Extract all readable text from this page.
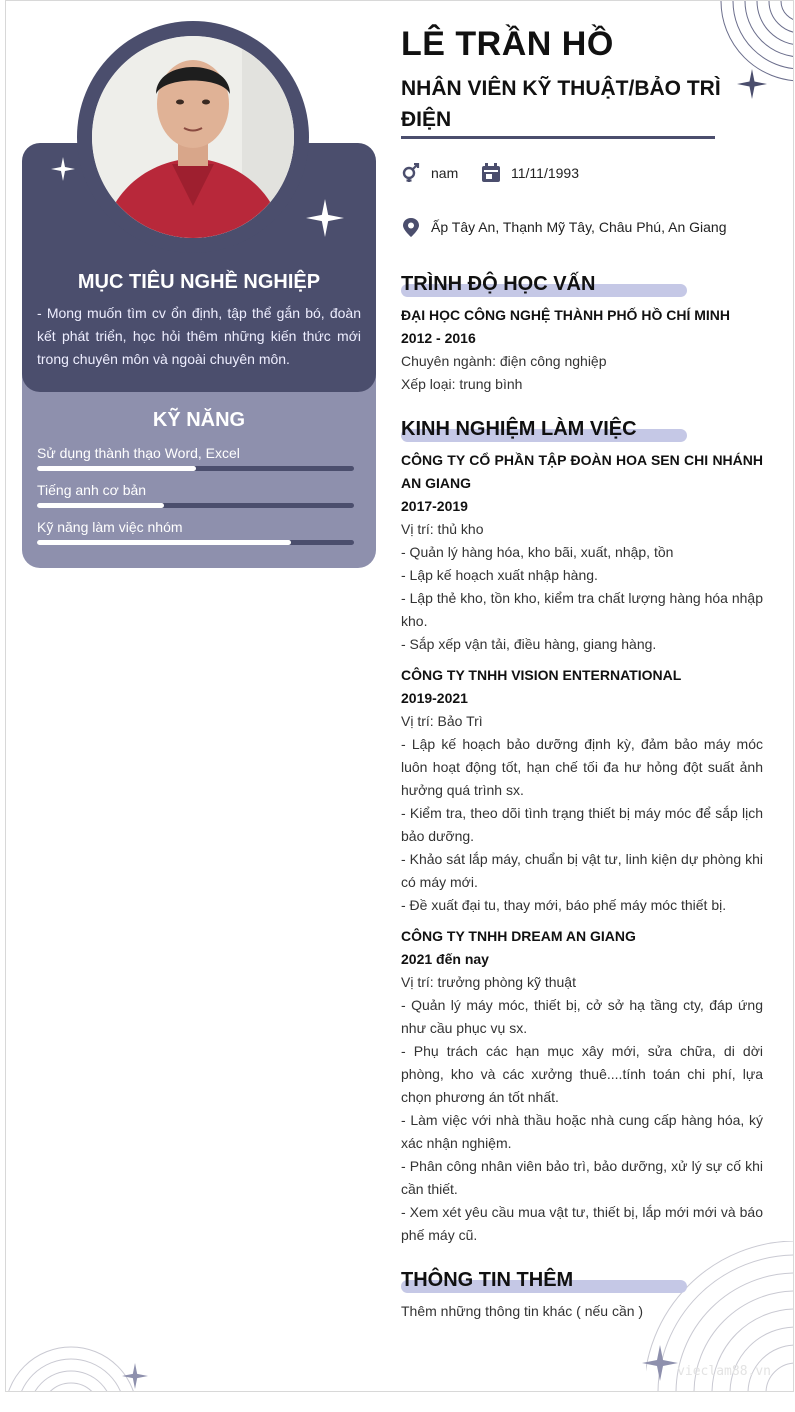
MỤC TIÊU NGHỀ NGHIỆP
- Mong muốn tìm cv ổn định, tập thể gắn bó, đoàn kết phát triển, học hỏi thêm những kiến thức mới trong chuyên môn và ngoài chuyên môn.
KỸ NĂNG
Sử dụng thành thạo Word, Excel
Tiếng anh cơ bản
Kỹ năng làm việc nhóm
LÊ TRẦN HỒ
NHÂN VIÊN KỸ THUẬT/BẢO TRÌ ĐIỆN
nam	11/11/1993
Ấp Tây An, Thạnh Mỹ Tây, Châu Phú, An Giang
TRÌNH ĐỘ HỌC VẤN
ĐẠI HỌC CÔNG NGHỆ THÀNH PHỐ HỒ CHÍ MINH
2012 - 2016
Chuyên ngành: điện công nghiệp
Xếp loại: trung bình
KINH NGHIỆM LÀM VIỆC
CÔNG TY CỔ PHẦN TẬP ĐOÀN HOA SEN CHI NHÁNH AN GIANG
2017-2019
Vị trí: thủ kho
- Quản lý hàng hóa, kho bãi, xuất, nhập, tồn
- Lập kế hoạch xuất nhập hàng.
- Lập thẻ kho, tồn kho, kiểm tra chất lượng hàng hóa nhập kho.
- Sắp xếp vận tải, điều hàng, giang hàng.
CÔNG TY TNHH VISION ENTERNATIONAL
2019-2021
Vị trí: Bảo Trì
- Lập kế hoạch bảo dưỡng định kỳ, đảm bảo máy móc luôn hoạt động tốt, hạn chế tối đa hư hỏng đột suất ảnh hưởng quá trình sx.
- Kiểm tra, theo dõi tình trạng thiết bị máy móc để sắp lịch bảo dưỡng.
- Khảo sát lắp máy, chuẩn bị vật tư, linh kiện dự phòng khi có máy mới.
- Đề xuất đại tu, thay mới, báo phế máy móc thiết bị.
CÔNG TY TNHH DREAM AN GIANG
2021 đến nay
Vị trí: trưởng phòng kỹ thuật
- Quản lý máy móc, thiết bị, cở sở hạ tầng cty, đáp ứng như cầu phục vụ sx.
- Phụ trách các hạn mục xây mới, sửa chữa, di dời phòng, kho và các xưởng thuê....tính toán chi phí, lựa chọn phương án tốt nhất.
- Làm việc với nhà thầu hoặc nhà cung cấp hàng hóa, ký xác nhận nghiệm.
- Phân công nhân viên bảo trì, bảo dưỡng, xử lý sự cố khi cần thiết.
- Xem xét yêu cầu mua vật tư, thiết bị, lắp mới mới và báo phế máy cũ.
THÔNG TIN THÊM
Thêm những thông tin khác ( nếu cần )
vieclam88.vn
